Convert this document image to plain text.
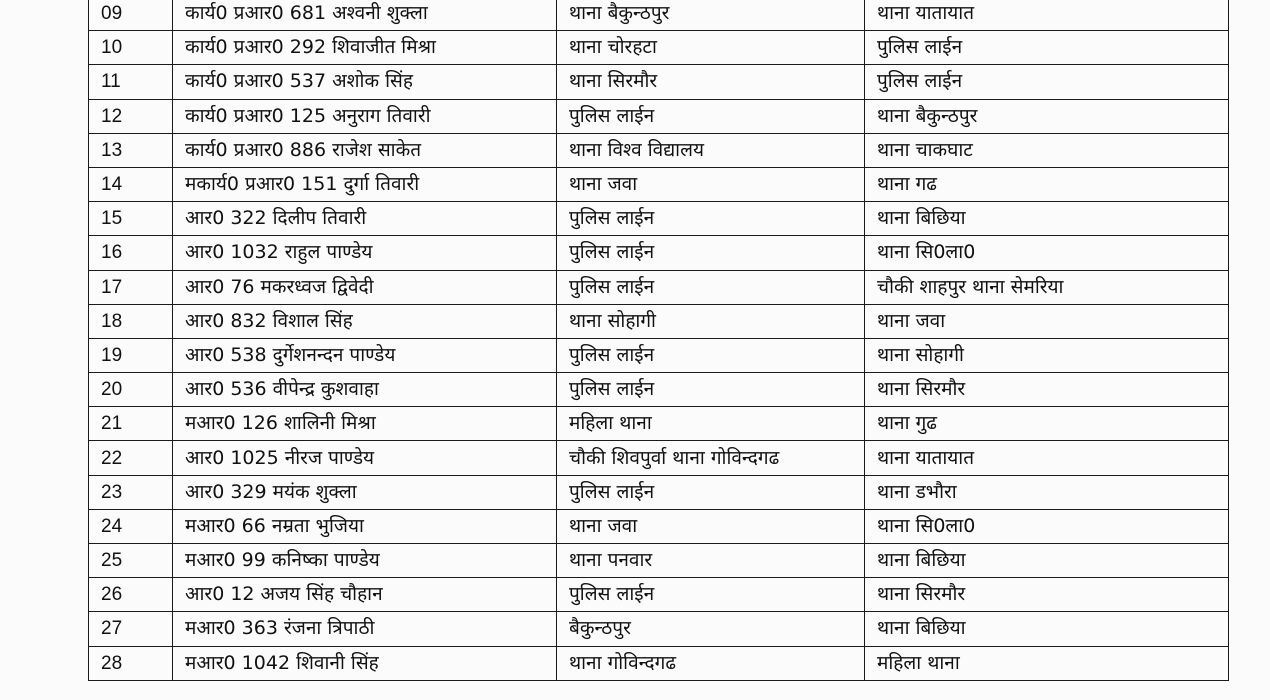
09	कार्य0 प्रआर0 681 अश्वनी शुक्ला	थाना बैकुन्ठपुर	थाना यातायात
10	कार्य0 प्रआर0 292 शिवाजीत मिश्रा	थाना चोरहटा	पुलिस लाईन
11	कार्य0 प्रआर0 537 अशोक सिंह	थाना सिरमौर	पुलिस लाईन
12	कार्य0 प्रआर0 125 अनुराग तिवारी	पुलिस लाईन	थाना बैकुन्ठपुर
13	कार्य0 प्रआर0 886 राजेश साकेत	थाना विश्व विद्यालय	थाना चाकघाट
14	मकार्य0 प्रआर0 151 दुर्गा तिवारी	थाना जवा	थाना गढ
15	आर0 322 दिलीप तिवारी	पुलिस लाईन	थाना बिछिया
16	आर0 1032 राहुल पाण्डेय	पुलिस लाईन	थाना सि0ला0
17	आर0 76 मकरध्वज द्विवेदी	पुलिस लाईन	चौकी शाहपुर थाना सेमरिया
18	आर0 832 विशाल सिंह	थाना सोहागी	थाना जवा
19	आर0 538 दुर्गेशनन्दन पाण्डेय	पुलिस लाईन	थाना सोहागी
20	आर0 536 वीपेन्द्र कुशवाहा	पुलिस लाईन	थाना सिरमौर
21	मआर0 126 शालिनी मिश्रा	महिला थाना	थाना गुढ
22	आर0 1025 नीरज पाण्डेय	चौकी शिवपुर्वा थाना गोविन्दगढ	थाना यातायात
23	आर0 329 मयंक शुक्ला	पुलिस लाईन	थाना डभौरा
24	मआर0 66 नम्रता भुजिया	थाना जवा	थाना सि0ला0
25	मआर0 99 कनिष्का पाण्डेय	थाना पनवार	थाना बिछिया
26	आर0 12 अजय सिंह चौहान	पुलिस लाईन	थाना सिरमौर
27	मआर0 363 रंजना त्रिपाठी	बैकुन्ठपुर	थाना बिछिया
28	मआर0 1042 शिवानी सिंह	थाना गोविन्दगढ	महिला थाना
